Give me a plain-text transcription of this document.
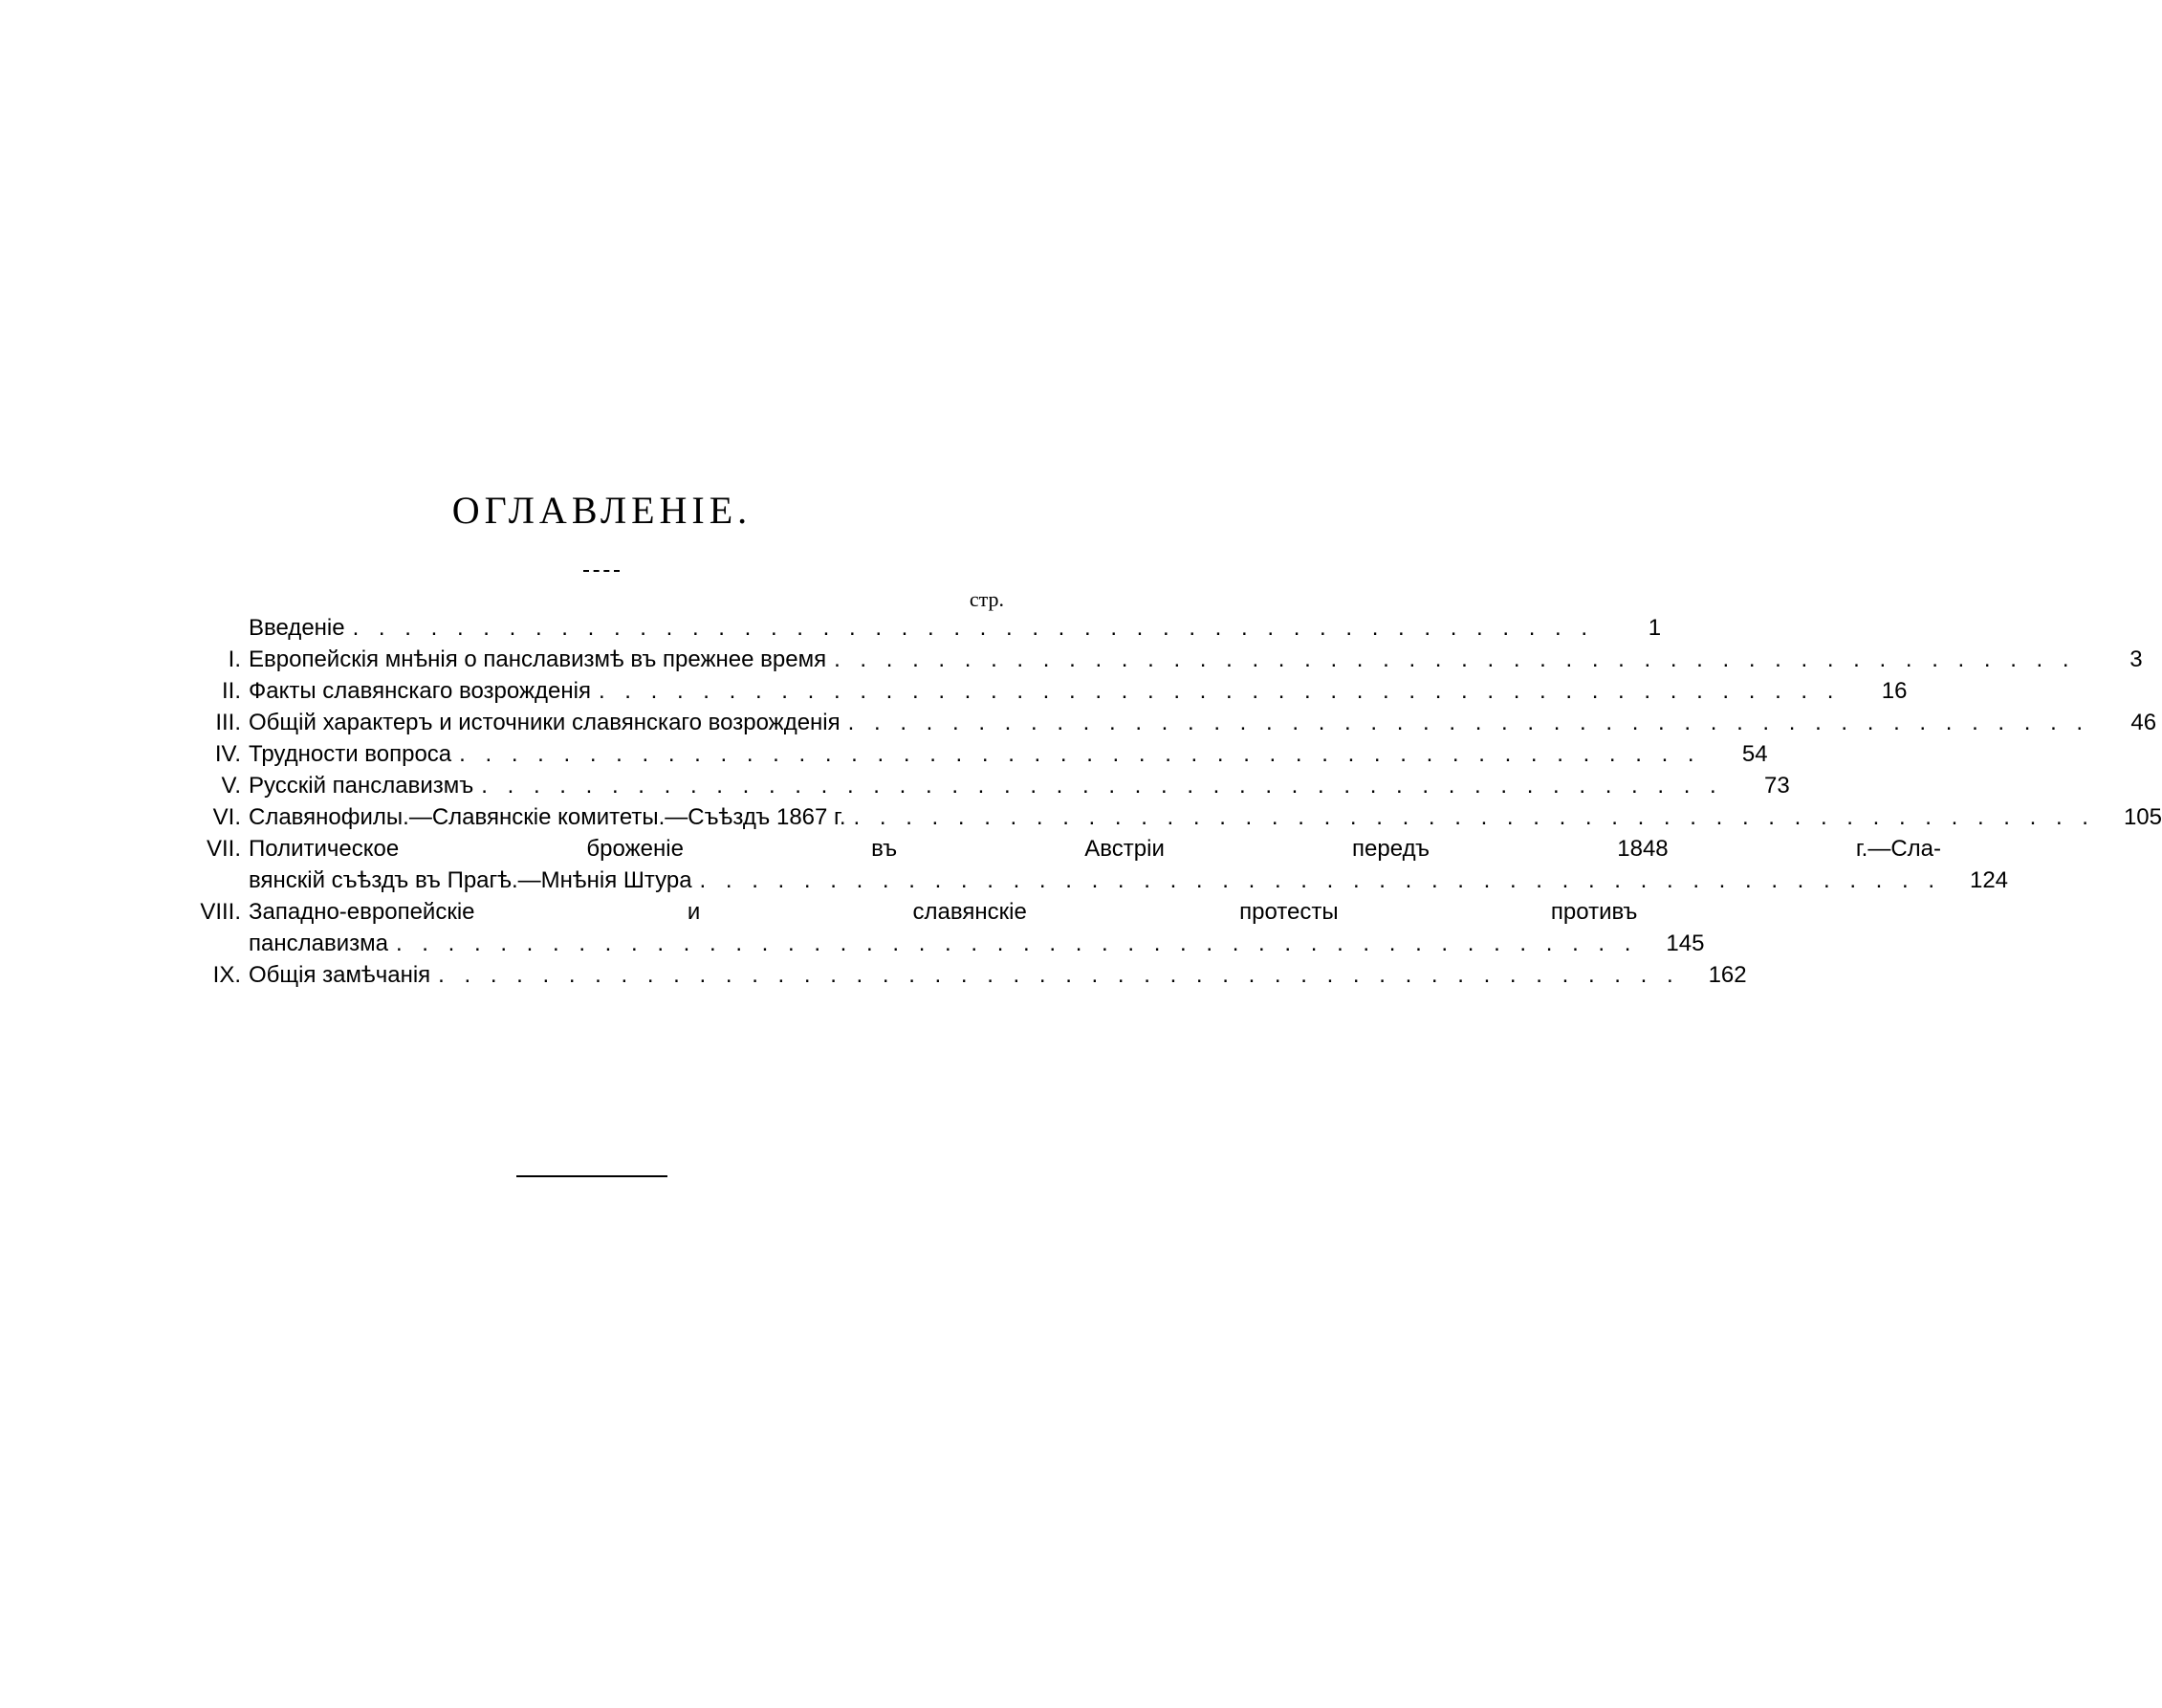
ОГЛАВЛЕНІЕ.
стр.
Введеніе . . .	1
I. Европейскія мнѣнія о панславизмѣ въ прежнее время . . .	3
II. Факты славянскаго возрожденія . . .	16
III. Общій характеръ и источники славянскаго возрожденія . . .	46
IV. Трудности вопроса . . .	54
V. Русскій панславизмъ . . .	73
VI. Славянофилы.—Славянскіе комитеты.—Съѣздъ 1867 г. . . .	105
VII. Политическое броженіе въ Австріи передъ 1848 г.—Сла-
вянскій съѣздъ въ Прагѣ.—Мнѣнія Штура . . .	124
VIII. Западно-европейскіе и славянскіе протесты противъ
панславизма . . .	145
IX. Общія замѣчанія . . .	162
